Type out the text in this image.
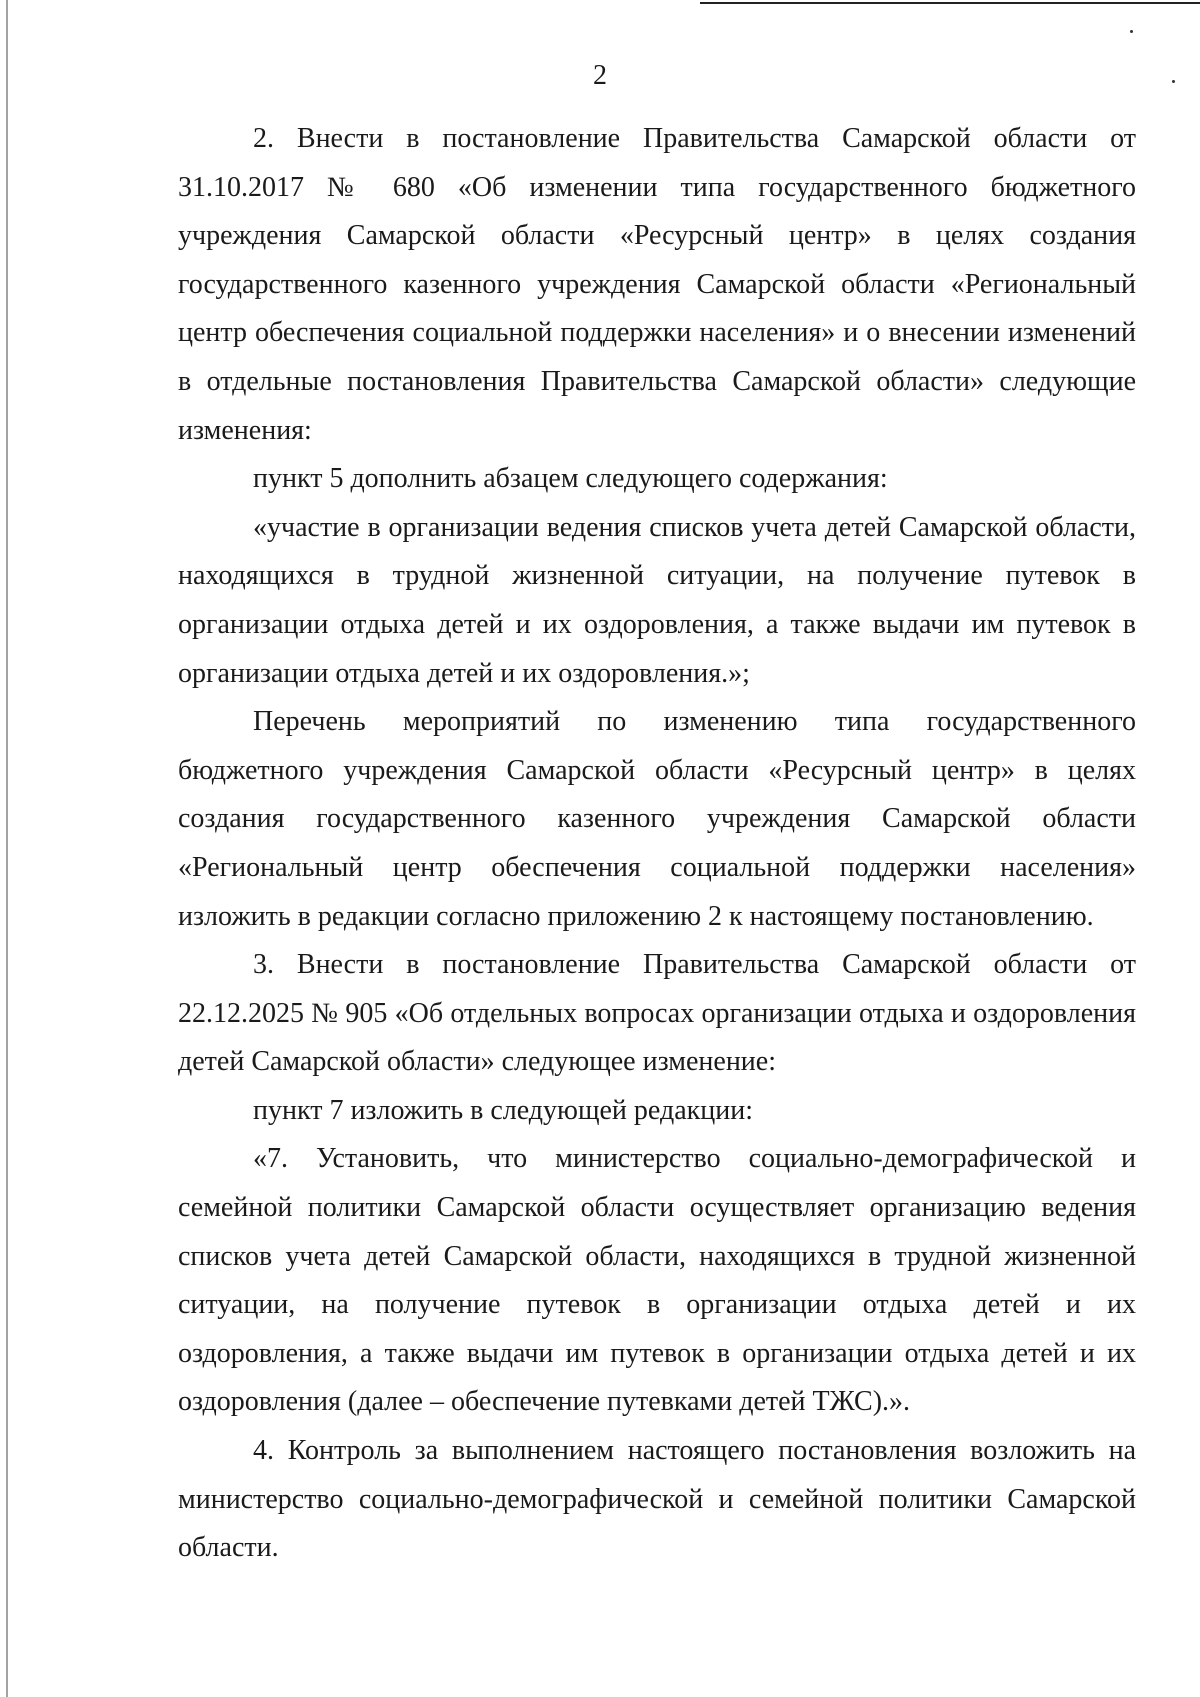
2

2. Внести в постановление Правительства Самарской области от 31.10.2017 № 680 «Об изменении типа государственного бюджетного учреждения Самарской области «Ресурсный центр» в целях создания государственного казенного учреждения Самарской области «Региональный центр обеспечения социальной поддержки населения» и о внесении изменений в отдельные постановления Правительства Самарской области» следующие изменения:

пункт 5 дополнить абзацем следующего содержания:

«участие в организации ведения списков учета детей Самарской области, находящихся в трудной жизненной ситуации, на получение путевок в организации отдыха детей и их оздоровления, а также выдачи им путевок в организации отдыха детей и их оздоровления.»;

Перечень мероприятий по изменению типа государственного бюджетного учреждения Самарской области «Ресурсный центр» в целях создания государственного казенного учреждения Самарской области «Региональный центр обеспечения социальной поддержки населения» изложить в редакции согласно приложению 2 к настоящему постановлению.

3. Внести в постановление Правительства Самарской области от 22.12.2025 № 905 «Об отдельных вопросах организации отдыха и оздоровления детей Самарской области» следующее изменение:

пункт 7 изложить в следующей редакции:

«7. Установить, что министерство социально-демографической и семейной политики Самарской области осуществляет организацию ведения списков учета детей Самарской области, находящихся в трудной жизненной ситуации, на получение путевок в организации отдыха детей и их оздоровления, а также выдачи им путевок в организации отдыха детей и их оздоровления (далее – обеспечение путевками детей ТЖС).».

4. Контроль за выполнением настоящего постановления возложить на министерство социально-демографической и семейной политики Самарской области.
